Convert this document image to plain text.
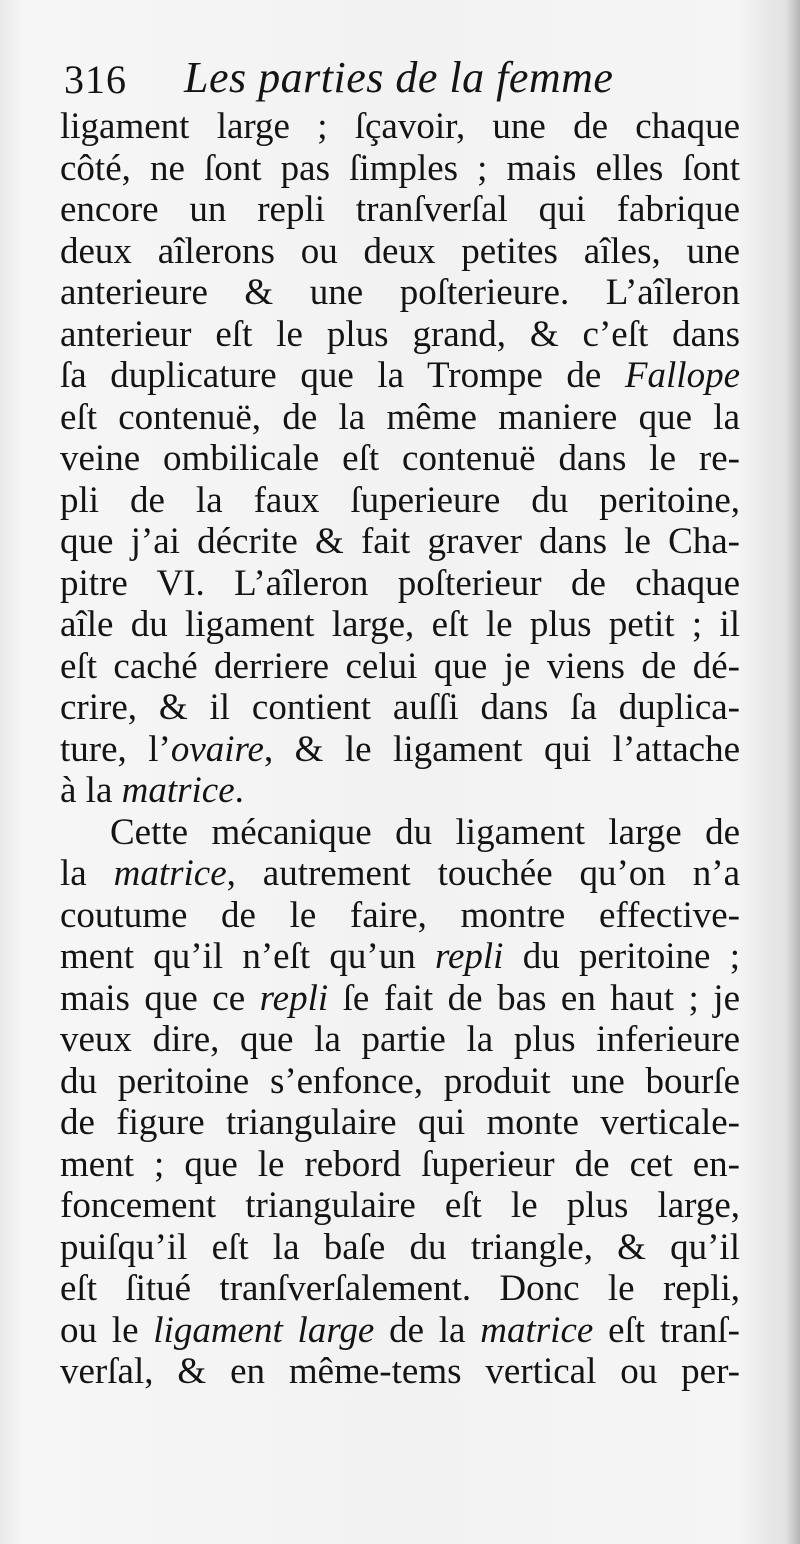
316 Les parties de la femme
ligament large ; ſçavoir, une de chaque
côté, ne ſont pas ſimples ; mais elles ſont
encore un repli tranſverſal qui fabrique
deux aîlerons ou deux petites aîles, une
anterieure & une poſterieure. L’aîleron
anterieur eſt le plus grand, & c’eſt dans
ſa duplicature que la Trompe de Fallope
eſt contenuë, de la même maniere que la
veine ombilicale eſt contenuë dans le re-
pli de la faux ſuperieure du peritoine,
que j’ai décrite & fait graver dans le Cha-
pitre VI. L’aîleron poſterieur de chaque
aîle du ligament large, eſt le plus petit ; il
eſt caché derriere celui que je viens de dé-
crire, & il contient auſſi dans ſa duplica-
ture, l’ovaire, & le ligament qui l’attache
à la matrice.
Cette mécanique du ligament large de
la matrice, autrement touchée qu’on n’a
coutume de le faire, montre effectivе-
ment qu’il n’eſt qu’un repli du peritoine ;
mais que ce repli ſe fait de bas en haut ; je
veux dire, que la partie la plus inferieure
du peritoine s’enfonce, produit une bourſe
de figure triangulaire qui monte verticale-
ment ; que le rebord ſuperieur de cet en-
foncement triangulaire eſt le plus large,
puiſqu’il eſt la baſe du triangle, & qu’il
eſt ſitué tranſverſalement. Donc le repli,
ou le ligament large de la matrice eſt tranſ-
verſal, & en même-tems vertical ou per-
